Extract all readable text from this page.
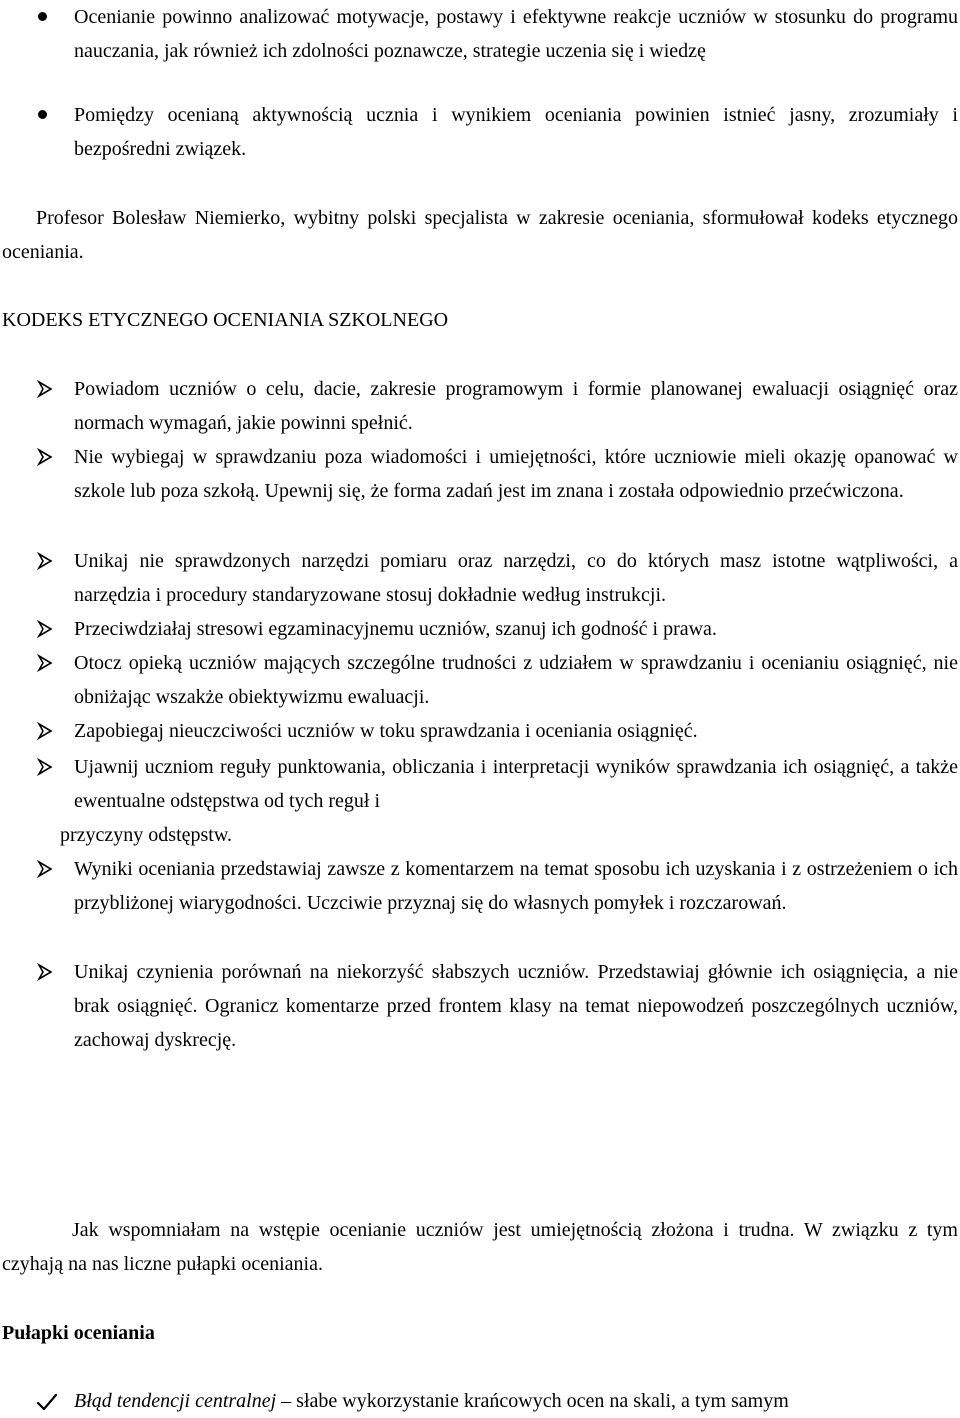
Ocenianie powinno analizować motywacje, postawy i efektywne reakcje uczniów w stosunku do programu nauczania, jak również ich zdolności poznawcze, strategie uczenia się i wiedzę
Pomiędzy ocenianą aktywnością ucznia i wynikiem oceniania powinien istnieć jasny, zrozumiały i bezpośredni związek.
Profesor Bolesław Niemierko, wybitny polski specjalista w zakresie oceniania, sformułował kodeks etycznego oceniania.
KODEKS ETYCZNEGO OCENIANIA SZKOLNEGO
Powiadom uczniów o celu, dacie, zakresie programowym i formie planowanej ewaluacji osiągnięć oraz normach wymagań, jakie powinni spełnić.
Nie wybiegaj w sprawdzaniu poza wiadomości i umiejętności, które uczniowie mieli okazję opanować w szkole lub poza szkołą. Upewnij się, że forma zadań jest im znana i została odpowiednio przećwiczona.
Unikaj nie sprawdzonych narzędzi pomiaru oraz narzędzi, co do których masz istotne wątpliwości, a narzędzia i procedury standaryzowane stosuj dokładnie według instrukcji.
Przeciwdziałaj stresowi egzaminacyjnemu uczniów, szanuj ich godność i prawa.
Otocz opieką uczniów mających szczególne trudności z udziałem w sprawdzaniu i ocenianiu osiągnięć, nie obniżając wszakże obiektywizmu ewaluacji.
Zapobiegaj nieuczciwości uczniów w toku sprawdzania i oceniania osiągnięć.
Ujawnij uczniom reguły punktowania, obliczania i interpretacji wyników sprawdzania ich osiągnięć, a także ewentualne odstępstwa od tych reguł i
przyczyny odstępstw.
Wyniki oceniania przedstawiaj zawsze z komentarzem na temat sposobu ich uzyskania i z ostrzeżeniem o ich przybliżonej wiarygodności. Uczciwie przyznaj się do własnych pomyłek i rozczarowań.
Unikaj czynienia porównań na niekorzyść słabszych uczniów. Przedstawiaj głównie ich osiągnięcia, a nie brak osiągnięć. Ogranicz komentarze przed frontem klasy na temat niepowodzeń poszczególnych uczniów, zachowaj dyskrecję.
Jak wspomniałam na wstępie ocenianie uczniów jest umiejętnością złożona i trudna. W związku z tym czyhają na nas liczne pułapki oceniania.
Pułapki oceniania
Błąd tendencji centralnej – słabe wykorzystanie krańcowych ocen na skali, a tym samym
